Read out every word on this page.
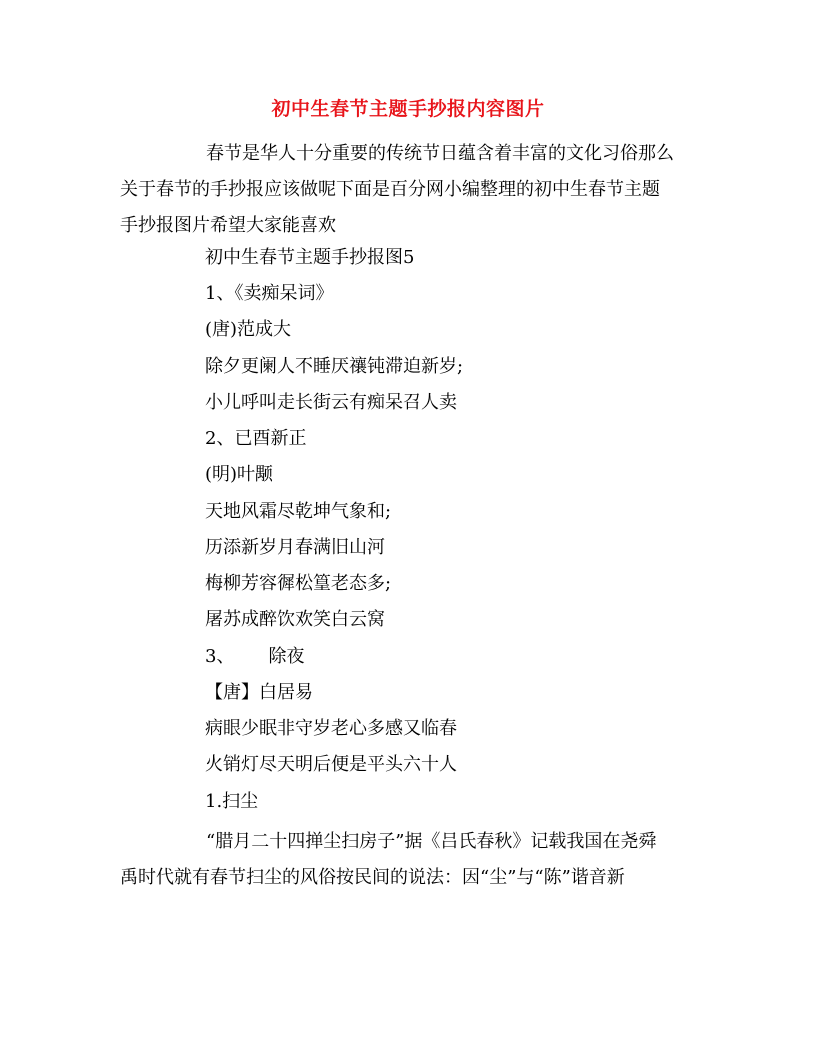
初中生春节主题手抄报内容图片
春节是华人十分重要的传统节日蕴含着丰富的文化习俗那么
关于春节的手抄报应该做呢下面是百分网小编整理的初中生春节主题
手抄报图片希望大家能喜欢
初中生春节主题手抄报图5
1、《卖痴呆词》
(唐)范成大
除夕更阑人不睡厌禳钝滞迫新岁;
小儿呼叫走长街云有痴呆召人卖
2、已酉新正
(明)叶颙
天地风霜尽乾坤气象和;
历添新岁月春满旧山河
梅柳芳容徲松篁老态多;
屠苏成醉饮欢笑白云窝
3、 除夜
【唐】白居易
病眼少眠非守岁老心多感又临春
火销灯尽天明后便是平头六十人
1.扫尘
“腊月二十四掸尘扫房子”据《吕氏春秋》记载我国在尧舜
禹时代就有春节扫尘的风俗按民间的说法：因“尘”与“陈”谐音新
